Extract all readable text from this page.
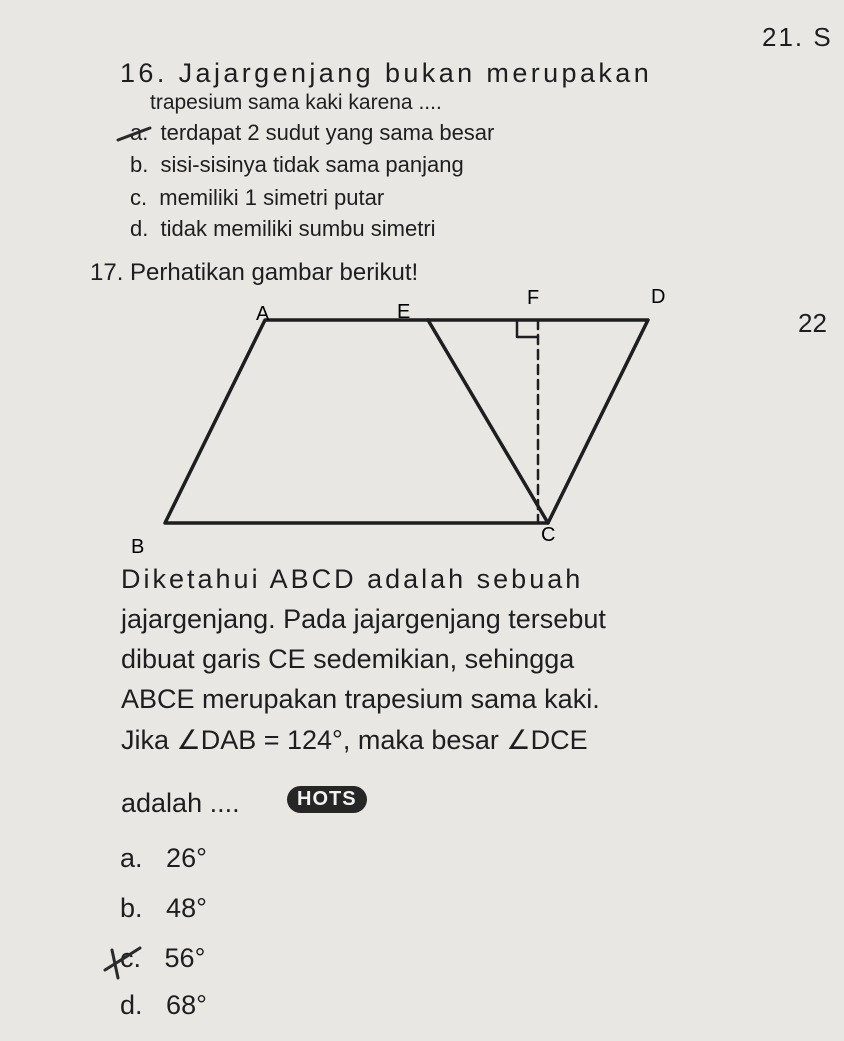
16. Jajargenjang bukan merupakan
trapesium sama kaki karena ....
a. terdapat 2 sudut yang sama besar
b. sisi-sisinya tidak sama panjang
c. memiliki 1 simetri putar
d. tidak memiliki sumbu simetri
21. S
22
17. Perhatikan gambar berikut!
A	E
F	D
B
C
Diketahui ABCD adalah sebuah
jajargenjang. Pada jajargenjang tersebut
dibuat garis CE sedemikian, sehingga
ABCE merupakan trapesium sama kaki.
Jika ∠DAB = 124°, maka besar ∠DCE
adalah ....	HOTS
a. 26°
b. 48°
c. 56°
d. 68°
